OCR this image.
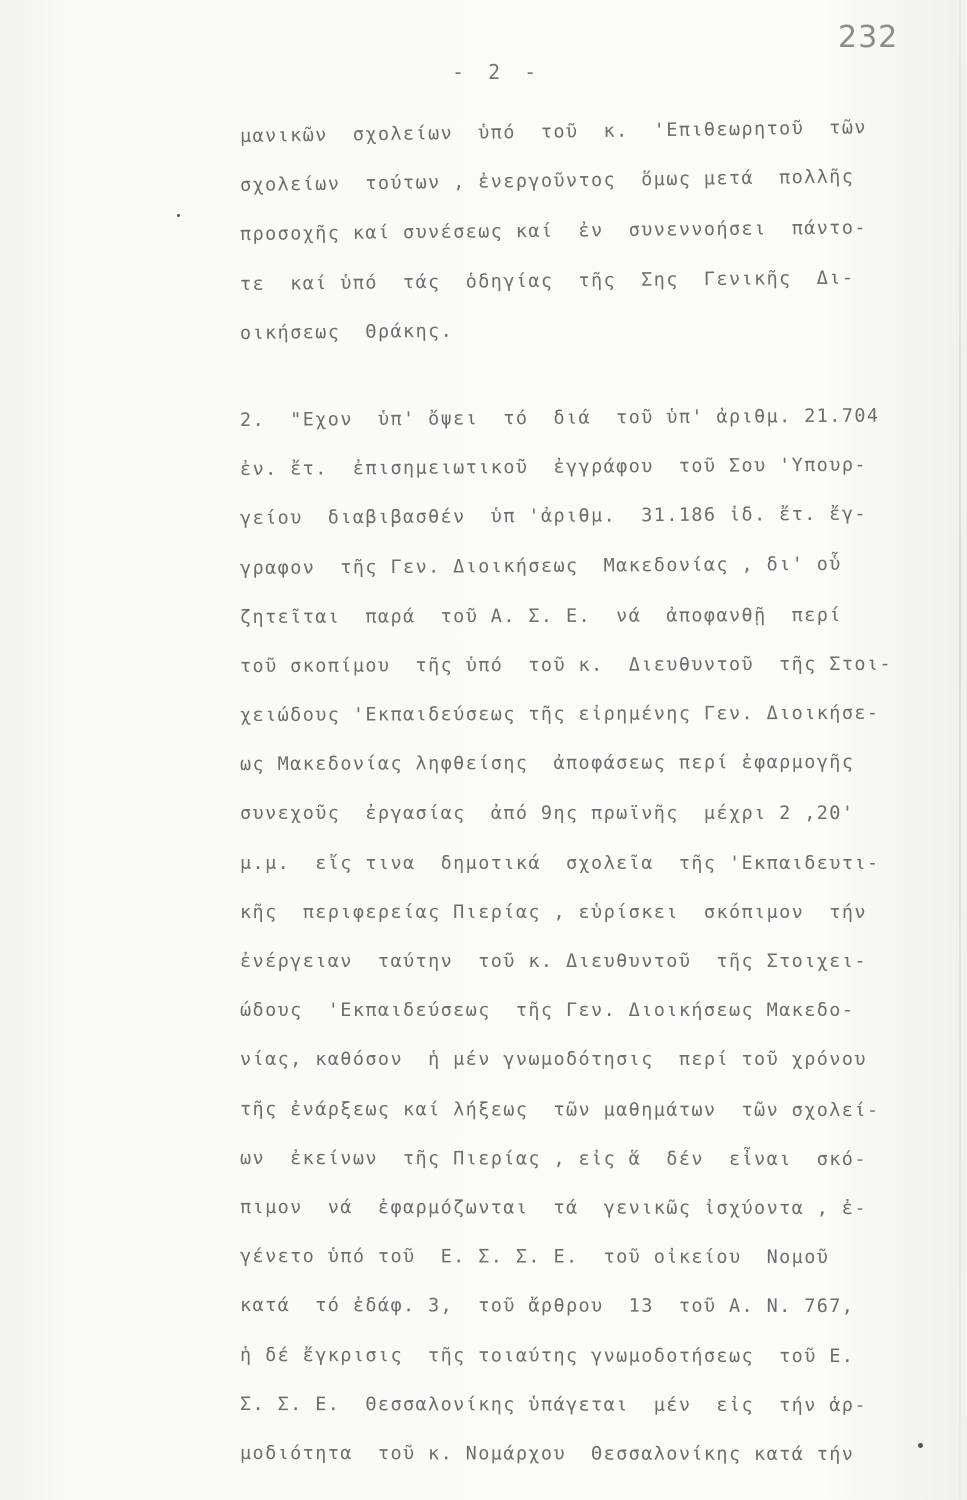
232
- 2 -
μανικῶν  σχολείων  ὑπό  τοῦ  κ.  'Επιθεωρητοῦ  τῶν
σχολείων  τούτων , ἐνεργοῦντος  ὅμως μετά  πολλῆς
προσοχῆς καί συνέσεως καί  ἐν  συνεννοήσει  πάντο-
τε  καί ὑπό  τάς  ὁδηγίας  τῆς  Σης  Γενικῆς  Δι-
οικήσεως  Θράκης.
2.  "Εχον  ὑπ' ὄψει  τό  διά  τοῦ ὑπ' ἀριθμ. 21.704
ἐν. ἔτ.  ἐπισημειωτικοῦ  ἐγγράφου  τοῦ Σου 'Υπουρ-
γείου  διαβιβασθέν  ὑπ 'ἀριθμ.  31.186 ἰδ. ἔτ. ἔγ-
γραφον  τῆς Γεν. Διοικήσεως  Μακεδονίας , δι' οὗ
ζητεῖται  παρά  τοῦ Α. Σ. Ε.  νά  ἀποφανθῇ  περί
τοῦ σκοπίμου  τῆς ὑπό  τοῦ κ.  Διευθυντοῦ  τῆς Στοι-
χειώδους 'Εκπαιδεύσεως τῆς εἰρημένης Γεν. Διοικήσε-
ως Μακεδονίας ληφθείσης  ἀποφάσεως περί ἐφαρμογῆς
συνεχοῦς  ἐργασίας  ἀπό 9ης πρωϊνῆς  μέχρι 2 ,20'
μ.μ.  εἴς τινα  δημοτικά  σχολεῖα  τῆς 'Εκπαιδευτι-
κῆς  περιφερείας Πιερίας , εὑρίσκει  σκόπιμον  τήν
ἐνέργειαν  ταύτην  τοῦ κ. Διευθυντοῦ  τῆς Στοιχει-
ώδους  'Εκπαιδεύσεως  τῆς Γεν. Διοικήσεως Μακεδο-
νίας, καθόσον  ἡ μέν γνωμοδότησις  περί τοῦ χρόνου
τῆς ἐνάρξεως καί λήξεως  τῶν μαθημάτων  τῶν σχολεί-
ων  ἐκείνων  τῆς Πιερίας , εἰς ἅ  δέν  εἶναι  σκό-
πιμον  νά  ἐφαρμόζωνται  τά  γενικῶς ἰσχύοντα , ἐ-
γένετο ὑπό τοῦ  Ε. Σ. Σ. Ε.  τοῦ οἰκείου  Νομοῦ
κατά  τό ἐδάφ. 3,  τοῦ ἄρθρου  13  τοῦ Α. Ν. 767,
ἡ δέ ἔγκρισις  τῆς τοιαύτης γνωμοδοτήσεως  τοῦ Ε.
Σ. Σ. Ε.  Θεσσαλονίκης ὑπάγεται  μέν  εἰς  τήν ἁρ-
μοδιότητα  τοῦ κ. Νομάρχου  Θεσσαλονίκης κατά τήν
